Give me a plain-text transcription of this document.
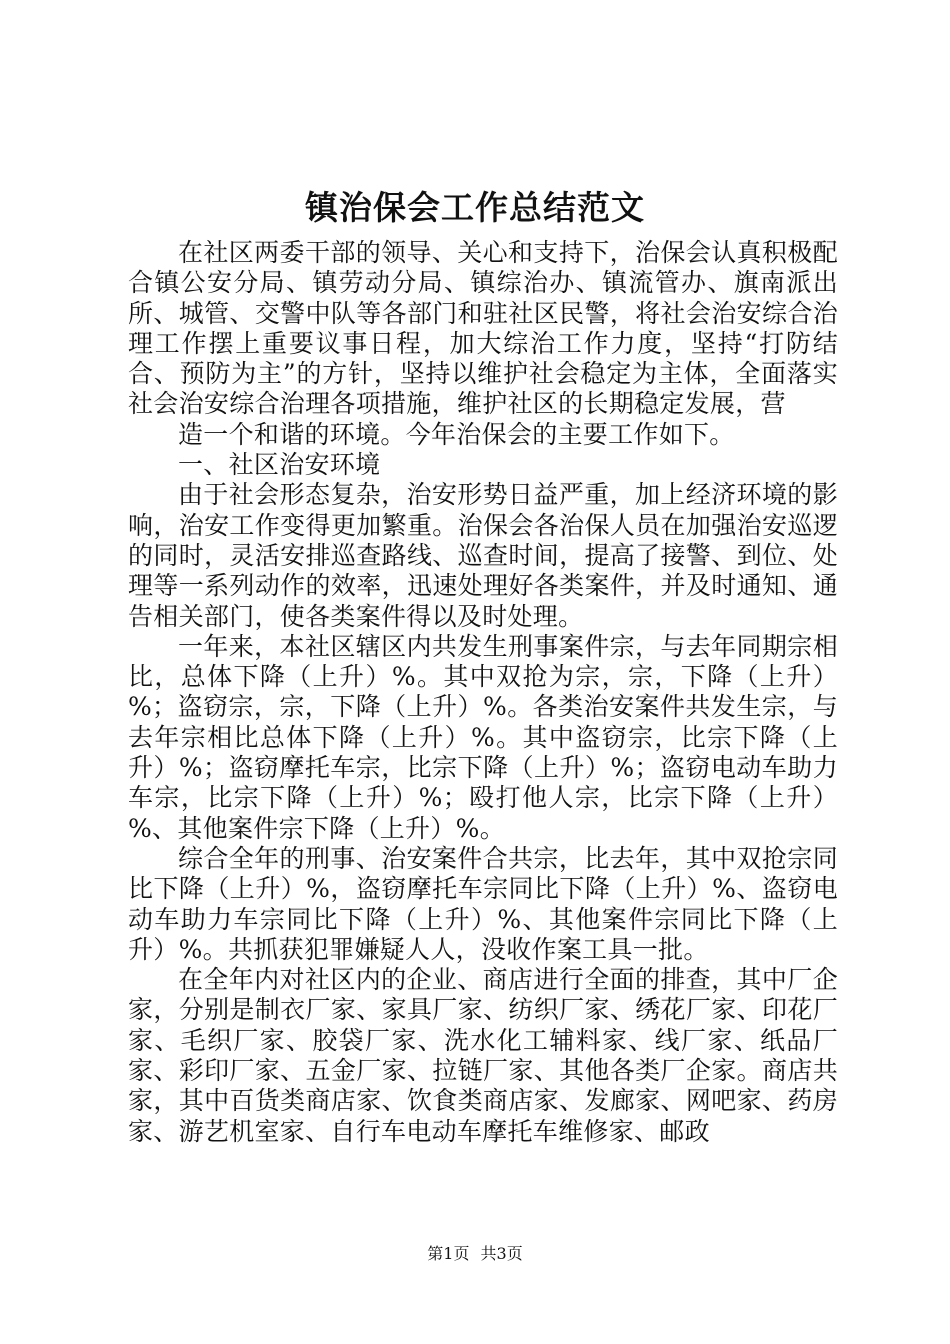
镇治保会工作总结范文

在社区两委干部的领导、关心和支持下，治保会认真积极配合镇公安分局、镇劳动分局、镇综治办、镇流管办、旗南派出所、城管、交警中队等各部门和驻社区民警，将社会治安综合治理工作摆上重要议事日程，加大综治工作力度，坚持“打防结合、预防为主”的方针，坚持以维护社会稳定为主体，全面落实社会治安综合治理各项措施，维护社区的长期稳定发展，营

造一个和谐的环境。今年治保会的主要工作如下。

一、社区治安环境

由于社会形态复杂，治安形势日益严重，加上经济环境的影响，治安工作变得更加繁重。治保会各治保人员在加强治安巡逻的同时，灵活安排巡查路线、巡查时间，提高了接警、到位、处理等一系列动作的效率，迅速处理好各类案件，并及时通知、通告相关部门，使各类案件得以及时处理。

一年来，本社区辖区内共发生刑事案件宗，与去年同期宗相比，总体下降（上升）%。其中双抢为宗，宗，下降（上升）%；盗窃宗，宗，下降（上升）%。各类治安案件共发生宗，与去年宗相比总体下降（上升）%。其中盗窃宗，比宗下降（上升）%；盗窃摩托车宗，比宗下降（上升）%；盗窃电动车助力车宗，比宗下降（上升）%；殴打他人宗，比宗下降（上升）%、其他案件宗下降（上升）%。

综合全年的刑事、治安案件合共宗，比去年，其中双抢宗同比下降（上升）%，盗窃摩托车宗同比下降（上升）%、盗窃电动车助力车宗同比下降（上升）%、其他案件宗同比下降（上升）%。共抓获犯罪嫌疑人人，没收作案工具一批。

在全年内对社区内的企业、商店进行全面的排查，其中厂企家，分别是制衣厂家、家具厂家、纺织厂家、绣花厂家、印花厂家、毛织厂家、胶袋厂家、洗水化工辅料家、线厂家、纸品厂家、彩印厂家、五金厂家、拉链厂家、其他各类厂企家。商店共家，其中百货类商店家、饮食类商店家、发廊家、网吧家、药房家、游艺机室家、自行车电动车摩托车维修家、邮政

第1页 共3页
